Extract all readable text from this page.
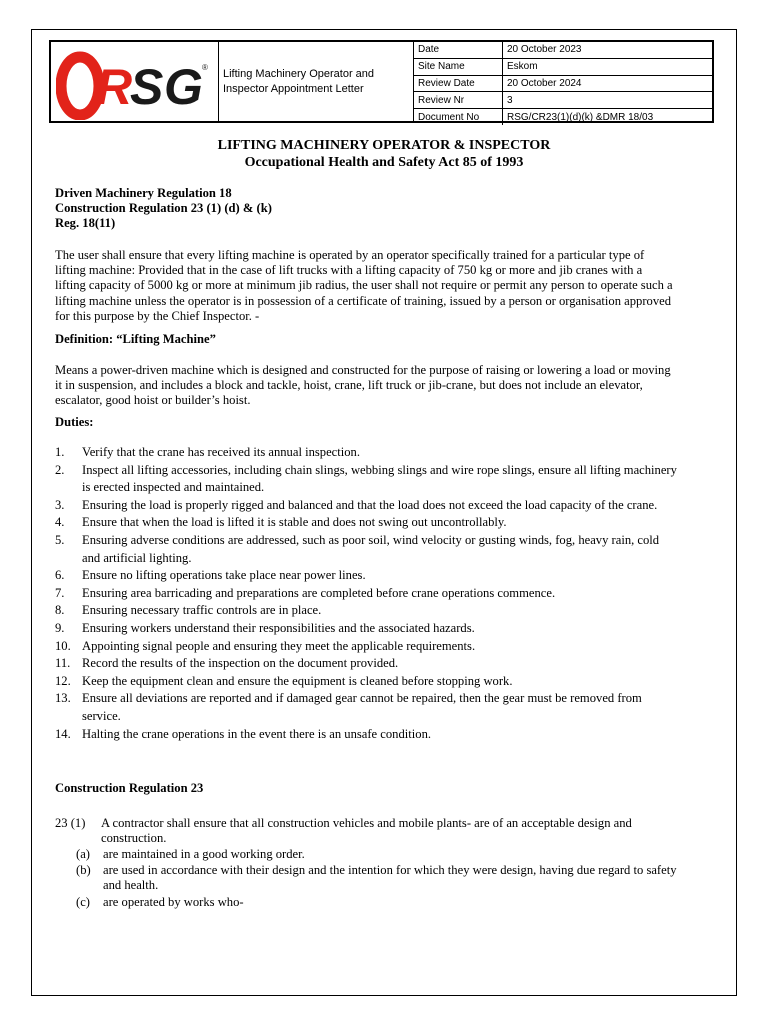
R S G ®	Lifting Machinery Operator and Inspector Appointment Letter
Date	20 October 2023
Site Name	Eskom
Review Date	20 October 2024
Review Nr	3
Document No	RSG/CR23(1)(d)(k) &DMR 18/03
LIFTING MACHINERY OPERATOR & INSPECTOR
Occupational Health and Safety Act 85 of 1993
Driven Machinery Regulation 18
Construction Regulation 23 (1) (d) & (k)
Reg. 18(11)
The user shall ensure that every lifting machine is operated by an operator specifically trained for a particular type of lifting machine: Provided that in the case of lift trucks with a lifting capacity of 750 kg or more and jib cranes with a lifting capacity of 5000 kg or more at minimum jib radius, the user shall not require or permit any person to operate such a lifting machine unless the operator is in possession of a certificate of training, issued by a person or organisation approved for this purpose by the Chief Inspector. -
Definition: “Lifting Machine”
Means a power-driven machine which is designed and constructed for the purpose of raising or lowering a load or moving it in suspension, and includes a block and tackle, hoist, crane, lift truck or jib-crane, but does not include an elevator, escalator, good hoist or builder’s hoist.
Duties:
1.	Verify that the crane has received its annual inspection.
2.	Inspect all lifting accessories, including chain slings, webbing slings and wire rope slings, ensure all lifting machinery is erected inspected and maintained.
3.	Ensuring the load is properly rigged and balanced and that the load does not exceed the load capacity of the crane.
4.	Ensure that when the load is lifted it is stable and does not swing out uncontrollably.
5.	Ensuring adverse conditions are addressed, such as poor soil, wind velocity or gusting winds, fog, heavy rain, cold and artificial lighting.
6.	Ensure no lifting operations take place near power lines.
7.	Ensuring area barricading and preparations are completed before crane operations commence.
8.	Ensuring necessary traffic controls are in place.
9.	Ensuring workers understand their responsibilities and the associated hazards.
10. Appointing signal people and ensuring they meet the applicable requirements.
11. Record the results of the inspection on the document provided.
12. Keep the equipment clean and ensure the equipment is cleaned before stopping work.
13. Ensure all deviations are reported and if damaged gear cannot be repaired, then the gear must be removed from service.
14. Halting the crane operations in the event there is an unsafe condition.
Construction Regulation 23
23 (1) A contractor shall ensure that all construction vehicles and mobile plants- are of an acceptable design and construction.
(a)	are maintained in a good working order.
(b) are used in accordance with their design and the intention for which they were design, having due regard to safety and health.
(c)	are operated by works who-
